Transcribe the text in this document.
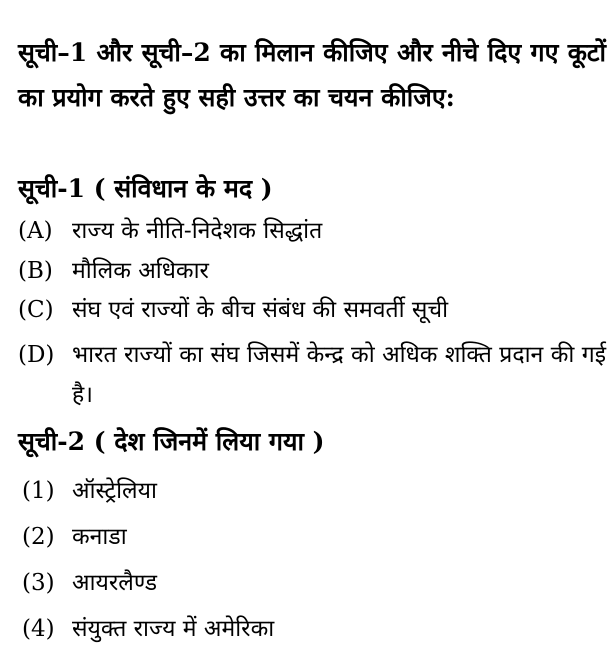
सूची–1 और सूची–2 का मिलान कीजिए और नीचे दिए गए कूटों का प्रयोग करते हुए सही उत्तर का चयन कीजिए:
सूची-1 ( संविधान के मद )
(A) राज्य के नीति-निदेशक सिद्धांत
(B) मौलिक अधिकार
(C) संघ एवं राज्यों के बीच संबंध की समवर्ती सूची
(D) भारत राज्यों का संघ जिसमें केन्द्र को अधिक शक्ति प्रदान की गई है।
सूची-2 ( देश जिनमें लिया गया )
(1) ऑस्ट्रेलिया
(2) कनाडा
(3) आयरलैण्ड
(4) संयुक्त राज्य में अमेरिका
